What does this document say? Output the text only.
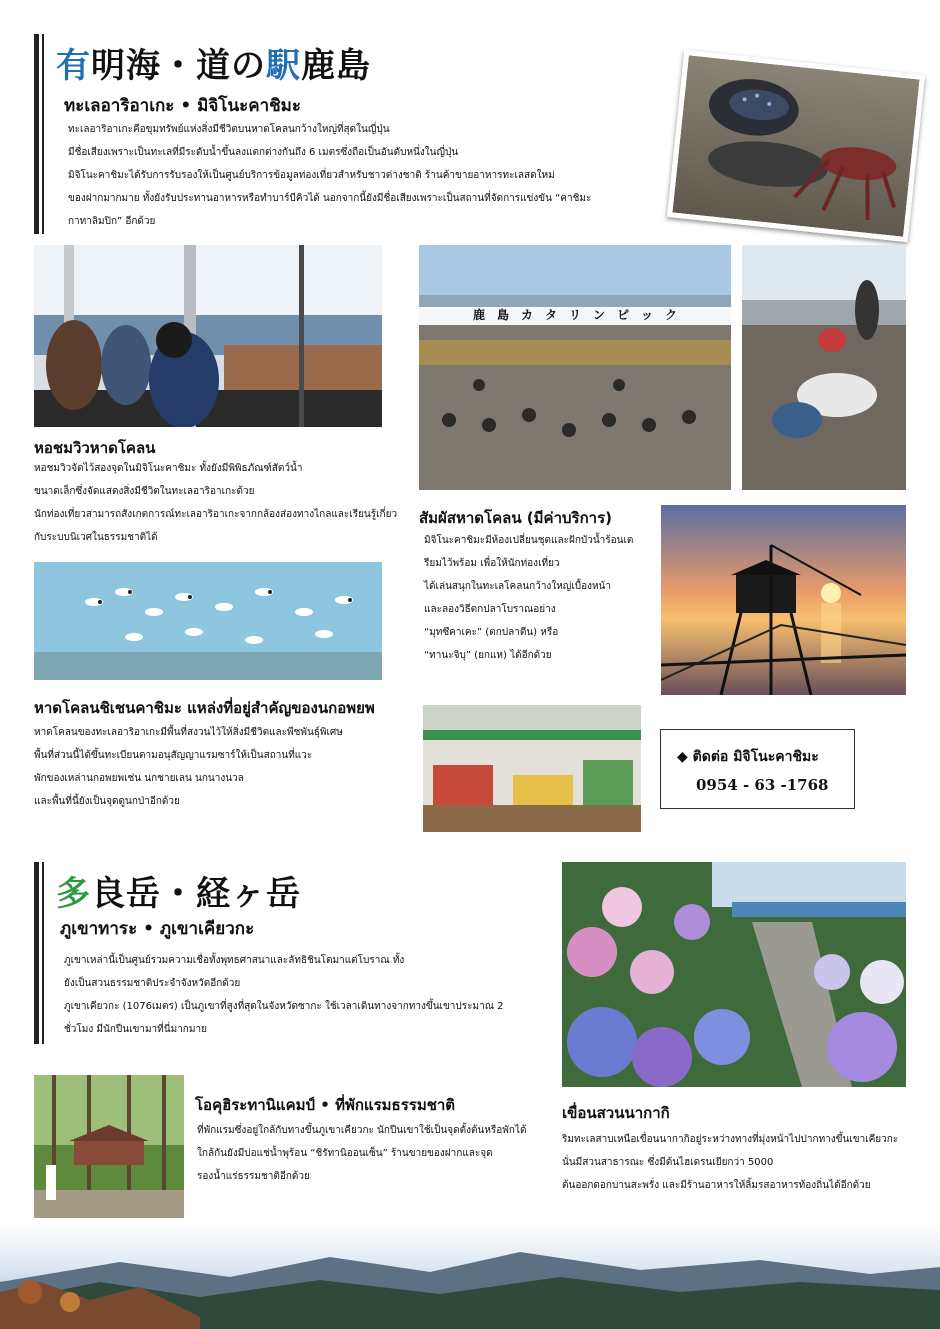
有明海・道の駅鹿島
ทะเลอาริอาเกะ • มิจิโนะคาชิมะ
ทะเลอาริอาเกะคือขุมทรัพย์แห่งสิ่งมีชีวิตบนหาดโคลนกว้างใหญ่ที่สุดในญี่ปุ่น
มีชื่อเสียงเพราะเป็นทะเลที่มีระดับน้ำขึ้นลงแตกต่างกันถึง 6 เมตรซึ่งถือเป็นอันดับหนึ่งในญี่ปุ่น
มิจิโนะคาชิมะได้รับการรับรองให้เป็นศูนย์บริการข้อมูลท่องเที่ยวสำหรับชาวต่างชาติ ร้านค้าขายอาหารทะเลสดใหม่
ของฝากมากมาย ทั้งยังรับประทานอาหารหรือทำบาร์บีคิวได้ นอกจากนี้ยังมีชื่อเสียงเพราะเป็นสถานที่จัดการแข่งขัน “คาชิมะ
กาทาลิมปิก” อีกด้วย
หอชมวิวหาดโคลน
หอชมวิวจัดไว้สองจุดในมิจิโนะคาชิมะ ทั้งยังมีพิพิธภัณฑ์สัตว์น้ำ
ขนาดเล็กซึ่งจัดแสดงสิ่งมีชีวิตในทะเลอาริอาเกะด้วย
นักท่องเที่ยวสามารถสังเกตการณ์ทะเลอาริอาเกะจากกล้องส่องทางไกลและเรียนรู้เกี่ยว
กับระบบนิเวศในธรรมชาติได้
鹿　島　カ　タ　リ　ン　ピ　ッ　ク
สัมผัสหาดโคลน (มีค่าบริการ)
มิจิโนะคาชิมะมีห้องเปลี่ยนชุดและฝักบัวน้ำร้อนเต
รียมไว้พร้อม เพื่อให้นักท่องเที่ยว
ได้เล่นสนุกในทะเลโคลนกว้างใหญ่เบื้องหน้า
และลองวิธีตกปลาโบราณอย่าง
“มุทซึคาเคะ” (ตกปลาตีน) หรือ
“ทานะจิบุ” (ยกแห) ได้อีกด้วย
หาดโคลนชิเชนคาชิมะ แหล่งที่อยู่สำคัญของนกอพยพ
หาดโคลนของทะเลอาริอาเกะมีพื้นที่สงวนไว้ให้สิ่งมีชีวิตและพืชพันธุ์พิเศษ
พื้นที่ส่วนนี้ได้ขึ้นทะเบียนตามอนุสัญญาแรมซาร์ให้เป็นสถานที่แวะ
พักของเหล่านกอพยพเช่น นกชายเลน นกนางนวล
และพื้นที่นี้ยังเป็นจุดดูนกป่าอีกด้วย
◆ ติดต่อ มิจิโนะคาชิมะ
0954 - 63 -1768
多良岳・経ヶ岳
ภูเขาทาระ • ภูเขาเคียวกะ
ภูเขาเหล่านี้เป็นศูนย์รวมความเชื่อทั้งพุทธศาสนาและลัทธิชินโตมาแต่โบราณ ทั้ง
ยังเป็นสวนธรรมชาติประจำจังหวัดอีกด้วย
ภูเขาเคียวกะ (1076เมตร) เป็นภูเขาที่สูงที่สุดในจังหวัดซากะ ใช้เวลาเดินทางจากทางขึ้นเขาประมาณ 2
ชั่วโมง มีนักปีนเขามาที่นี่มากมาย
โอคุฮิระทานิแคมป์ • ที่พักแรมธรรมชาติ
ที่พักแรมซึ่งอยู่ใกล้กับทางขึ้นภูเขาเคียวกะ นักปีนเขาใช้เป็นจุดตั้งต้นหรือพักได้
ใกล้กันยังมีบ่อแช่น้ำพุร้อน “ชิรัทานิออนเซ็น” ร้านขายของฝากและจุด
รองน้ำแร่ธรรมชาติอีกด้วย
เขื่อนสวนนากากิ
ริมทะเลสาบเหนือเขื่อนนากากิอยู่ระหว่างทางที่มุ่งหน้าไปปากทางขึ้นเขาเคียวกะ
นั่นมีสวนสาธารณะ ซึ่งมีต้นไฮเดรนเยียกว่า 5000
ต้นออกดอกบานสะพรั่ง และมีร้านอาหารให้ลิ้มรสอาหารท้องถิ่นได้อีกด้วย
